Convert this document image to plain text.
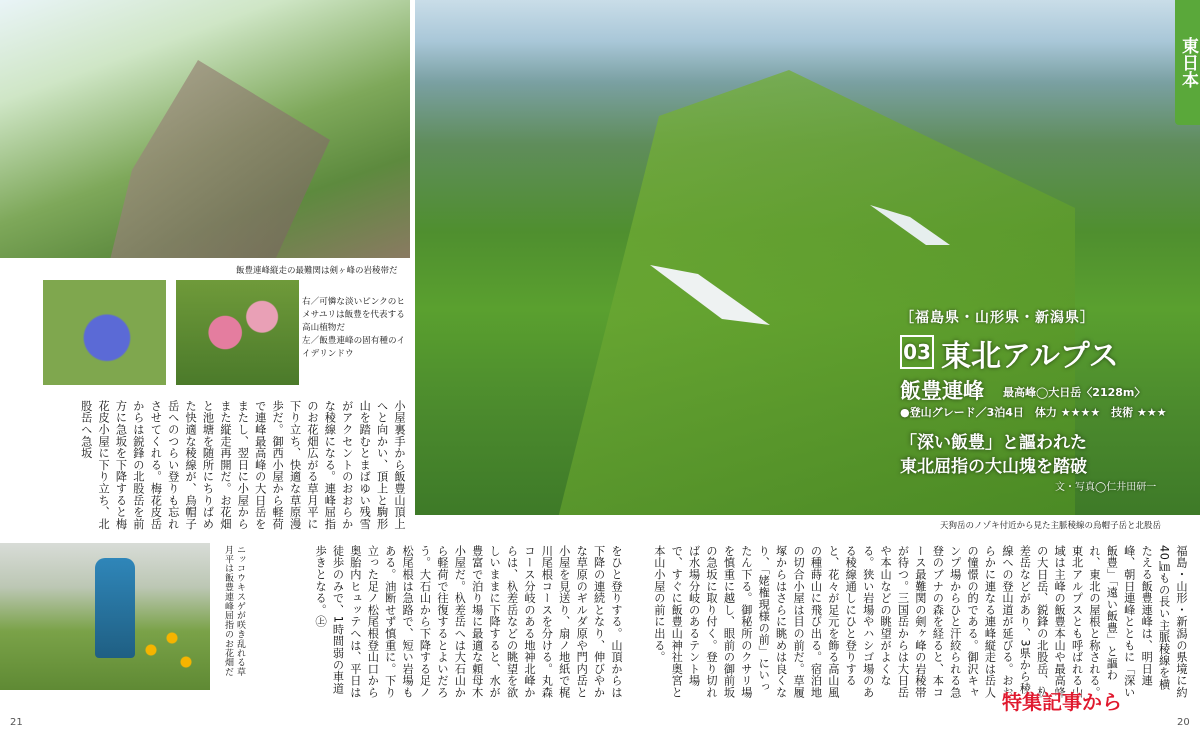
飯豊連峰縦走の最難関は剣ヶ峰の岩稜帯だ
右／可憐な淡いピンクのヒメサユリは飯豊を代表する高山植物だ
左／飯豊連峰の固有種のイイデリンドウ
東日本
［福島県・山形県・新潟県］
03 東北アルプス
飯豊連峰 最高峰◯大日岳〈2128m〉
●登山グレード／3泊4日　体力 ★★★★　技術 ★★★
「深い飯豊」と謳われた
東北屈指の大山塊を踏破
文・写真◯仁井田研一
天狗岳のノゾキ付近から見た主脈稜線の烏帽子岳と北股岳
小屋裏手から飯豊山頂上へと向かい、頂上と駒形山を踏むとまばゆい残雪がアクセントのおおらかな稜線になる。連峰屈指のお花畑広がる草月平に下り立ち、快適な草原漫歩だ。御西小屋から軽荷で連峰最高峰の大日岳をまたし、翌日に小屋からまた縦走再開だ。お花畑と池塘を随所にちりばめた快適な稜線が、烏帽子岳へのつらい登りも忘れさせてくれる。梅花皮岳からは鋭鋒の北股岳を前方に急坂を下降すると梅花皮小屋に下り立ち、北股岳へ急坂
をひと登りする。山頂からは下降の連続となり、伸びやかな草原のギルダ原や門内岳と小屋を見送り、扇ノ地紙で梶川尾根コースを分ける。丸森コース分岐のある地神北峰からは、杁差岳などの眺望を欲しいままに下降すると、水が豊富で泊り場に最適な頼母木小屋だ。杁差岳へは大石山から軽荷で往復するとよいだろう。大石山から下降する足ノ松尾根は急路で、短い岩場もある。油断せず慎重に。下り立った足ノ松尾根登山口から奥胎内ヒュッテへは、平日は徒歩のみで、1時間弱の車道歩きとなる。㊤	福島・山形・新潟の県境に約40㎞もの長い主脈稜線を横たえる飯豊連峰は、明日連峰、朝日連峰とともに「深い飯豊」「遠い飯豊」と謳われ、東北の屋根と称される。東北アルプスとも呼ばれる山域は主峰の飯豊本山や最高峰の大日岳、鋭鋒の北股岳、杁差岳などがあり、3県から稜線への登山道が延びる。おおらかに連なる連峰縦走は岳人の憧憬の的である。御沢キャンプ場からひと汗絞られる急登のブナの森を経ると、本コース最難関の剣ヶ峰の岩稜帯が待つ。三国岳からは大日岳や本山などの眺望がよくなる。狭い岩場やハシゴ場のある稜線通しにひと登りすると、花々が足元を飾る高山風の種蒔山に飛び出る。宿泊地の切合小屋は目の前だ。草履塚からはさらに眺めは良くなり、「姥権現様の前」にいったん下る。御秘所のクサリ場を慎重に越し、眼前の御前坂の急坂に取り付く。登り切れば水場分岐のあるテント場で、すぐに飯豊山神社奥宮と本山小屋の前に出る。
ニッコウキスゲが咲き乱れる草月平は飯豊連峰屈指のお花畑だ
特集記事から
21	20
